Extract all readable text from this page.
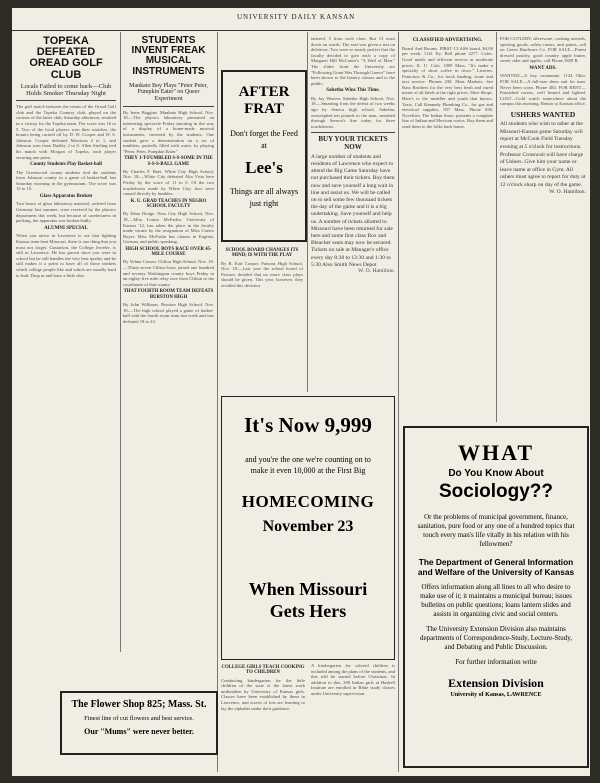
UNIVERSITY DAILY KANSAN

TOPEKA DEFEATED OREAD GOLF CLUB

Locals Failed to come back—Club Holds Smoker Thursday Night

The golf match between the teams of the Oread Golf club and the Topeka Country club, played on the courses of the latter club, Saturday afternoon, resulted in a victory for the Topeka team. The score was 16 to 5. Two of the local players won their matches, the honors being carried off by D. W. Cooper and W. S. Johnson. Cooper defeated Morrison 2 to 1, and Johnson won from Dudley 2 to 0. Allen Sterling tied his match with Morgan of Topeka, each player securing one point.

County Students Play Basket-ball

The Greenwood county students tied the students from Johnson county in a game of basket-ball last Saturday morning in the gymnasium. The score was 10 to 10.

Glass Apparatus Broken

Two boxes of glass laboratory material, ordered from Germany last summer, were received by the physics department this week, but because of carelessness in packing, the apparatus was broken badly.

ALUMNI SPECIAL

When you arrive in Lawrence to see that fighting Kansas team beat Missouri, there is one thing that you must not forget. Gustafson, the College Jeweler, is still in Lawrence. He has grown since you were in school but he still handles the very best quality and he still makes it a point to have all of those trinkets which college people like and which are usually hard to find. Drop in and have a little chat.

STUDENTS INVENT FREAK MUSICAL INSTRUMENTS

Mankato Boy Plays "Peter Peter, Pumpkin Eater" on Queer Experiment

By Irene Baggins. Mankato High School, Nov. 18.—The physics laboratory presented an interesting spectacle Friday morning in the way of a display of a home-made musical instruments, invented by the students. One student gave a demonstration on a set of tumblers, partially filled with water, by playing "Peter, Peter, Pumpkin Eater."

THEY J-T-FUMBLED S-S-SOME IN THE S-S-S-BALL GAME

By Charles F. Baer. White City High School, Nov. 18.—White City defeated Alta Vista here Friday by the score of 11 to 0. Of the two touchdowns made by White City, four were caused directly by fumbles.

K. U. GRAD TEACHES IN NEGRO SCHOOL FACULTY

By Edna Dodge. Ness City High School, Nov. 18.—Miss Louise McFarlin, University of Kansas '12, has taken the place in the faculty made vacant by the resignation of Miss Cuerto Boyer. Miss McFarlin has classes in English, German, and public speaking.

HIGH SCHOOL BOYS RACE OVER 45-MILE COURSE

By Velma Carson. Clifton High School, Nov. 18.—Thirty-seven Clifton boys joined one hundred and seventy Washington county boys Friday in an eighty-five mile relay race from Clifton to the courthouse of that county.

THAT FOURTH ROOM TEAM DEFEATS BURSTON HIGH

By John Williams. Burston High School, Nov. 18.—The high school played a game of basket-ball with the fourth room team last week and was defeated 18 to 23.

AFTER
FRAT
Don't forget the Feed at
Lee's
Things are all always just right

SCHOOL BOARD CHANGES ITS MIND; IS WITH THE PLAY

By R. Earl Cooper. Parsons High School, Nov. 18.—Last year the school board of Parsons decided that no more class plays should be given. This year, however, they recalled this decision.

tattered, 5 from each class. But 13 must down on words. The seal was given a test on deletions. Two were so nearly perfect that the faculty decided to give each a copy of Margaret Hill McCarter's "A Wall of Men." The slides front the University are "Following Grant Was Through Greece" have been shown to the history classes and to the public.

Sabetha Wins This Time.

By Jay Weaver. Sabetha High School, Nov. 18.—Smarting from the defeat of two weeks ago by Seneca high school, Sabetha, outweighed ten pounds to the man, smashed through Seneca's line today for three touchdowns.

BUY YOUR TICKETS NOW

A large number of students and residents of Lawrence who expect to attend the Big Game Saturday have not purchased their tickets. Buy them now and save yourself a long wait in line and assist us. We will be called on to sell some few thousand tickets the day of the game and it is a big undertaking. Save yourself and help us. A number of tickets allotted to Missouri have been returned for sale here and some first class Box and Bleacher seats may now be secured. Tickets on sale at Manager's office every day 8:30 to 12:30 and 1:30 to 5:30 Also Smith News Depot

W. O. Hamilton.

It's Now 9,999
and you're the one we're counting on to make it even 10,000 at the First Big
HOMECOMING
November 23
When Missouri Gets Hers
The Flower Shop 825; Mass. St.
Finest line of cut flowers and best service.
Our "Mums" were never better.

COLLEGE GIRLS TEACH COOKING TO CHILDREN

Conducting kindergarten for the little children of the state is the latest work undertaken by University of Kansas girls. Classes have been established by them in Lawrence, and scores of tots are learning to lay the alphabet under their guidance.

A kindergarten for colored children is included among the plans of the students, and this will be started before Christmas. In addition to this, 200 Indian girls at Haskell Institute are enrolled in Bible study classes under University supervision.

CLASSIFIED ADVERTISING.

Board And Rooms. FIRST CLASS board, $4.00 per week; 1141 Ky. Bell phone 2277. Cafes. Good meals and efficient service at moderate prices. K. U. Cafe, 1009 Mass. "It's make a specialty of short coffee in town." Liveries. Francisco & Co., for truck hauling, stone and taxi service. Phones 438. Meat Markets. See Bass Brothers for the very best fresh and cured meats of all kinds at the right prices. Shoe Shops. Here's to the meddler and youth that knows. Taxis. Call Kennedy Plumbing Co., for gas and electrical supplies, 937 Mass. Phone 658. Novelties. The Indian Store, presents a complete line of Indian and Mexican curios. Buy them and send them to the folks back home.

FOR CUTLERY, silverware, cooking utensils, sporting goods, safety razors, and paints, call on Green Hardware Co. FOR SALE—Finest dressed poultry, good country apple butter, sweet cider and apples, call Phone 3839 R.

WANT ADS.

WANTED—A boy roommate, 1124 Ohio. FOR SALE—A full-size dress suit for man. Never been worn. Phone 483. FOR RENT—Furnished rooms, well heated and lighted. LOST—Gold watch somewhere about the campus this morning. Return to Kansan office.

USHERS WANTED

All students who wish to usher at the Missouri-Kansas game Saturday will report at McCook Field Tuesday evening at 5 o'clock for instructions. Professor Crosswait will have charge of Ushers. Give him your name or leave name at office in Gym. All ushers must agree to report for duty at 12 o'clock sharp on day of the game.

W. O. Hamilton.

WHAT
Do You Know About
Sociology??
Or the problems of municipal government, finance, sanitation, pure food or any one of a hundred topics that touch every man's life vitally in his relation with his fellowmen?
The Department of General Information and Welfare of the University of Kansas
Offers information along all lines to all who desire to make use of it; it maintains a municipal bureau; issues bulletins on public questions; loans lantern slides and assists in organizing civic and social centers.
The University Extension Division also maintains departments of Correspondence-Study, Lecture-Study, and Debating and Public Discussion.
For further information write
Extension Division
University of Kansas, LAWRENCE
